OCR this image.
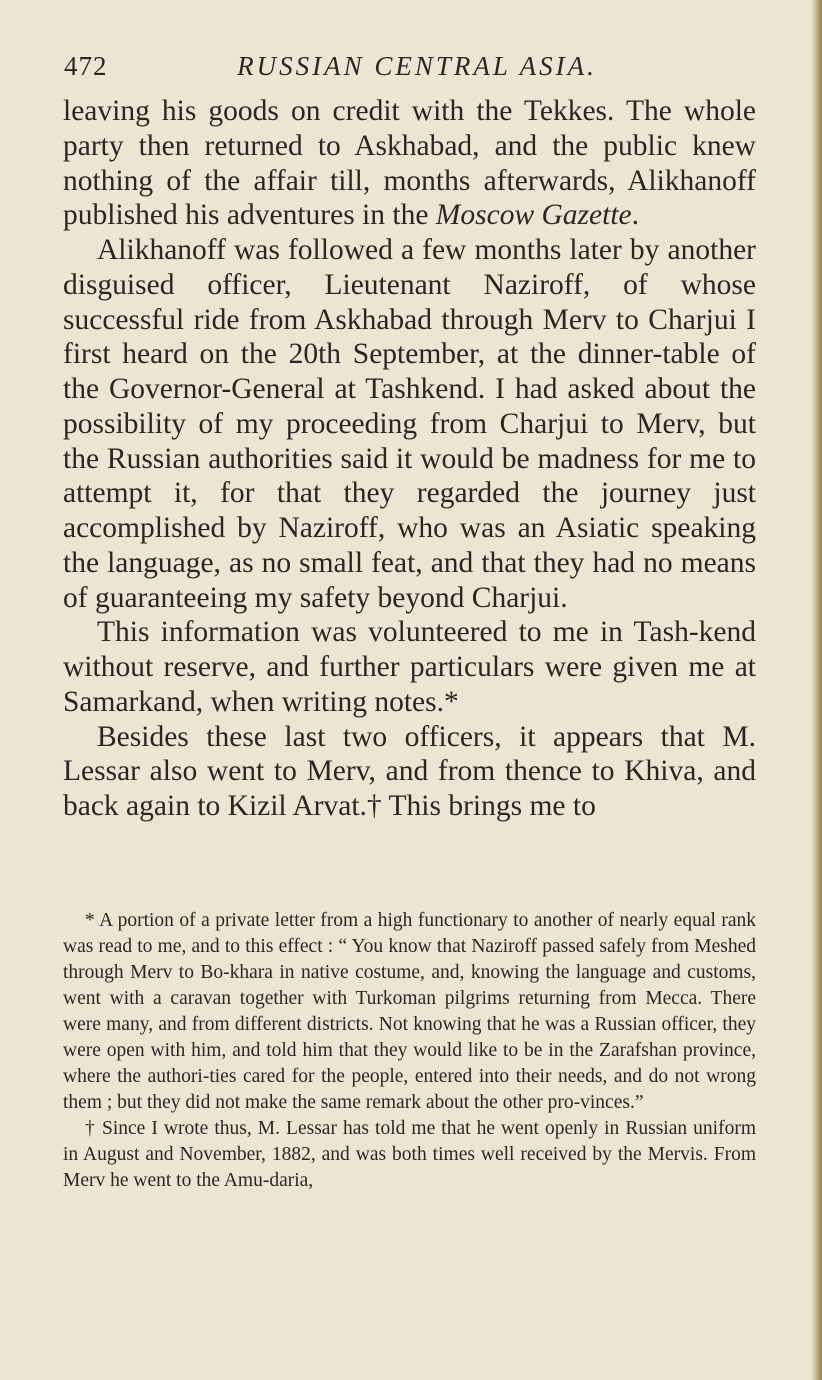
472	RUSSIAN CENTRAL ASIA.

leaving his goods on credit with the Tekkes. The whole party then returned to Askhabad, and the public knew nothing of the affair till, months afterwards, Alikhanoff published his adventures in the Moscow Gazette.

Alikhanoff was followed a few months later by another disguised officer, Lieutenant Naziroff, of whose successful ride from Askhabad through Merv to Charjui I first heard on the 20th September, at the dinner-table of the Governor-General at Tashkend. I had asked about the possibility of my proceeding from Charjui to Merv, but the Russian authorities said it would be madness for me to attempt it, for that they regarded the journey just accomplished by Naziroff, who was an Asiatic speaking the language, as no small feat, and that they had no means of guaranteeing my safety beyond Charjui.

This information was volunteered to me in Tash-kend without reserve, and further particulars were given me at Samarkand, when writing notes.*

Besides these last two officers, it appears that M. Lessar also went to Merv, and from thence to Khiva, and back again to Kizil Arvat.† This brings me to

* A portion of a private letter from a high functionary to another of nearly equal rank was read to me, and to this effect : “ You know that Naziroff passed safely from Meshed through Merv to Bo-khara in native costume, and, knowing the language and customs, went with a caravan together with Turkoman pilgrims returning from Mecca. There were many, and from different districts. Not knowing that he was a Russian officer, they were open with him, and told him that they would like to be in the Zarafshan province, where the authori-ties cared for the people, entered into their needs, and do not wrong them ; but they did not make the same remark about the other pro-vinces.”

† Since I wrote thus, M. Lessar has told me that he went openly in Russian uniform in August and November, 1882, and was both times well received by the Mervis. From Merv he went to the Amu-daria,
